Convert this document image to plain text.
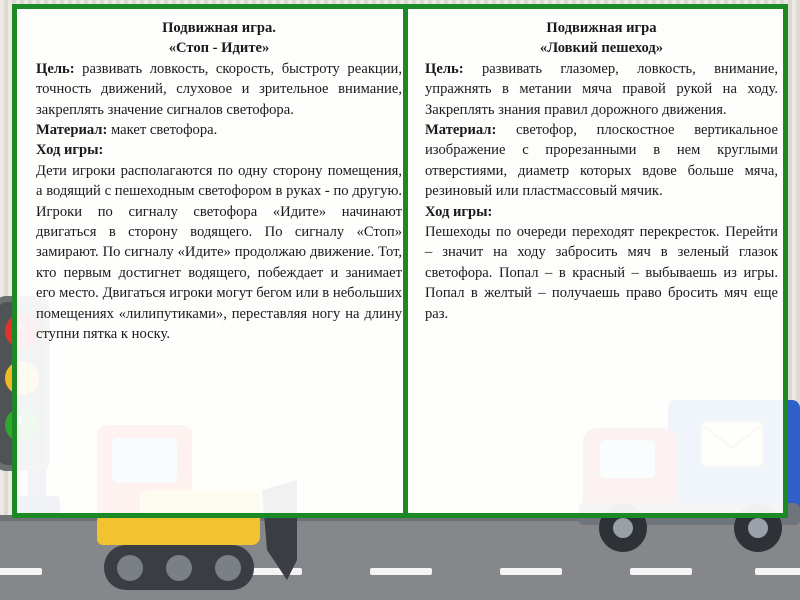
Подвижная игра.

«Стоп - Идите»

Цель: развивать ловкость, скорость, быстроту реакции, точность движений, слуховое и зрительное внимание, закреплять значение сигналов светофора.

Материал: макет светофора.

Ход игры:

Дети игроки располагаются по одну сторону помещения, а водящий с пешеходным светофором в руках - по другую. Игроки по сигналу светофора «Идите» начинают двигаться в сторону водящего. По сигналу «Стоп» замирают. По сигналу «Идите» продолжаю движение. Тот, кто первым достигнет водящего, побеждает и занимает его место. Двигаться игроки могут бегом или в небольших помещениях «лилипутиками», переставляя ногу на длину ступни пятка к носку.

Подвижная игра

«Ловкий пешеход»

Цель: развивать глазомер, ловкость, внимание, упражнять в метании мяча правой рукой на ходу. Закреплять знания правил дорожного движения.

Материал: светофор, плоскостное вертикальное изображение с прорезанными в нем круглыми отверстиями, диаметр которых вдове больше мяча, резиновый или пластмассовый мячик.

Ход игры:

Пешеходы по очереди переходят перекресток. Перейти – значит на ходу забросить мяч в зеленый глазок светофора. Попал – в красный – выбываешь из игры. Попал в желтый – получаешь право бросить мяч еще раз.
